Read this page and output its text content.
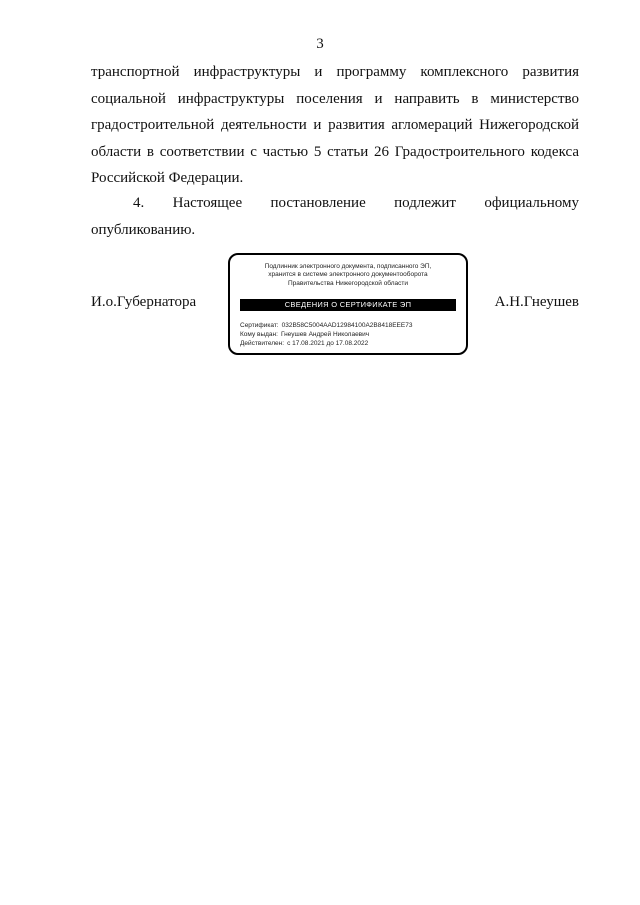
3
транспортной инфраструктуры и программу комплексного развития
социальной инфраструктуры поселения и направить в министерство
градостроительной деятельности и развития агломераций Нижегородской
области в соответствии с частью 5 статьи 26 Градостроительного кодекса
Российской Федерации.
4. Настоящее постановление подлежит официальному
опубликованию.
И.о.Губернатора
Подлинник электронного документа, подписанного ЭП,
хранится в системе электронного документооборота
Правительства Нижегородской области
СВЕДЕНИЯ О СЕРТИФИКАТЕ ЭП
Сертификат: 032B58C5004AAD12984100A2B8418EEE73
Кому выдан: Гнеушев Андрей Николаевич
Действителен: с 17.08.2021 до 17.08.2022
А.Н.Гнеушев
